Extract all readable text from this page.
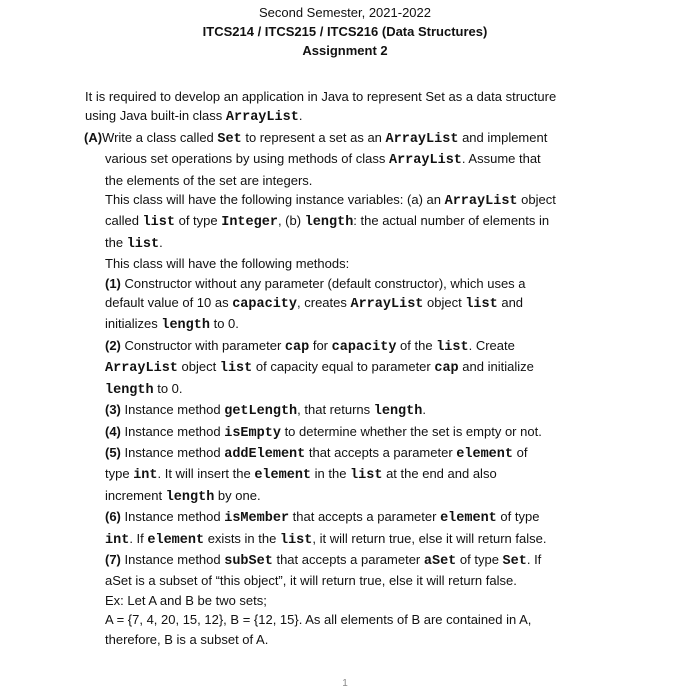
Second Semester, 2021-2022
ITCS214 / ITCS215 / ITCS216 (Data Structures)
Assignment 2
It is required to develop an application in Java to represent Set as a data structure
using Java built-in class ArrayList.
(A)Write a class called Set to represent a set as an ArrayList and implement
various set operations by using methods of class ArrayList. Assume that
the elements of the set are integers.
This class will have the following instance variables: (a) an ArrayList object
called list of type Integer, (b) length: the actual number of elements in
the list.
This class will have the following methods:
(1) Constructor without any parameter (default constructor), which uses a
default value of 10 as capacity, creates ArrayList object list and
initializes length to 0.
(2) Constructor with parameter cap for capacity of the list. Create
ArrayList object list of capacity equal to parameter cap and initialize
length to 0.
(3) Instance method getLength, that returns length.
(4) Instance method isEmpty to determine whether the set is empty or not.
(5) Instance method addElement that accepts a parameter element of
type int. It will insert the element in the list at the end and also
increment length by one.
(6) Instance method isMember that accepts a parameter element of type
int. If element exists in the list, it will return true, else it will return false.
(7) Instance method subSet that accepts a parameter aSet of type Set. If
aSet is a subset of “this object”, it will return true, else it will return false.
Ex: Let A and B be two sets;
A = {7, 4, 20, 15, 12}, B = {12, 15}. As all elements of B are contained in A,
therefore, B is a subset of A.
1
